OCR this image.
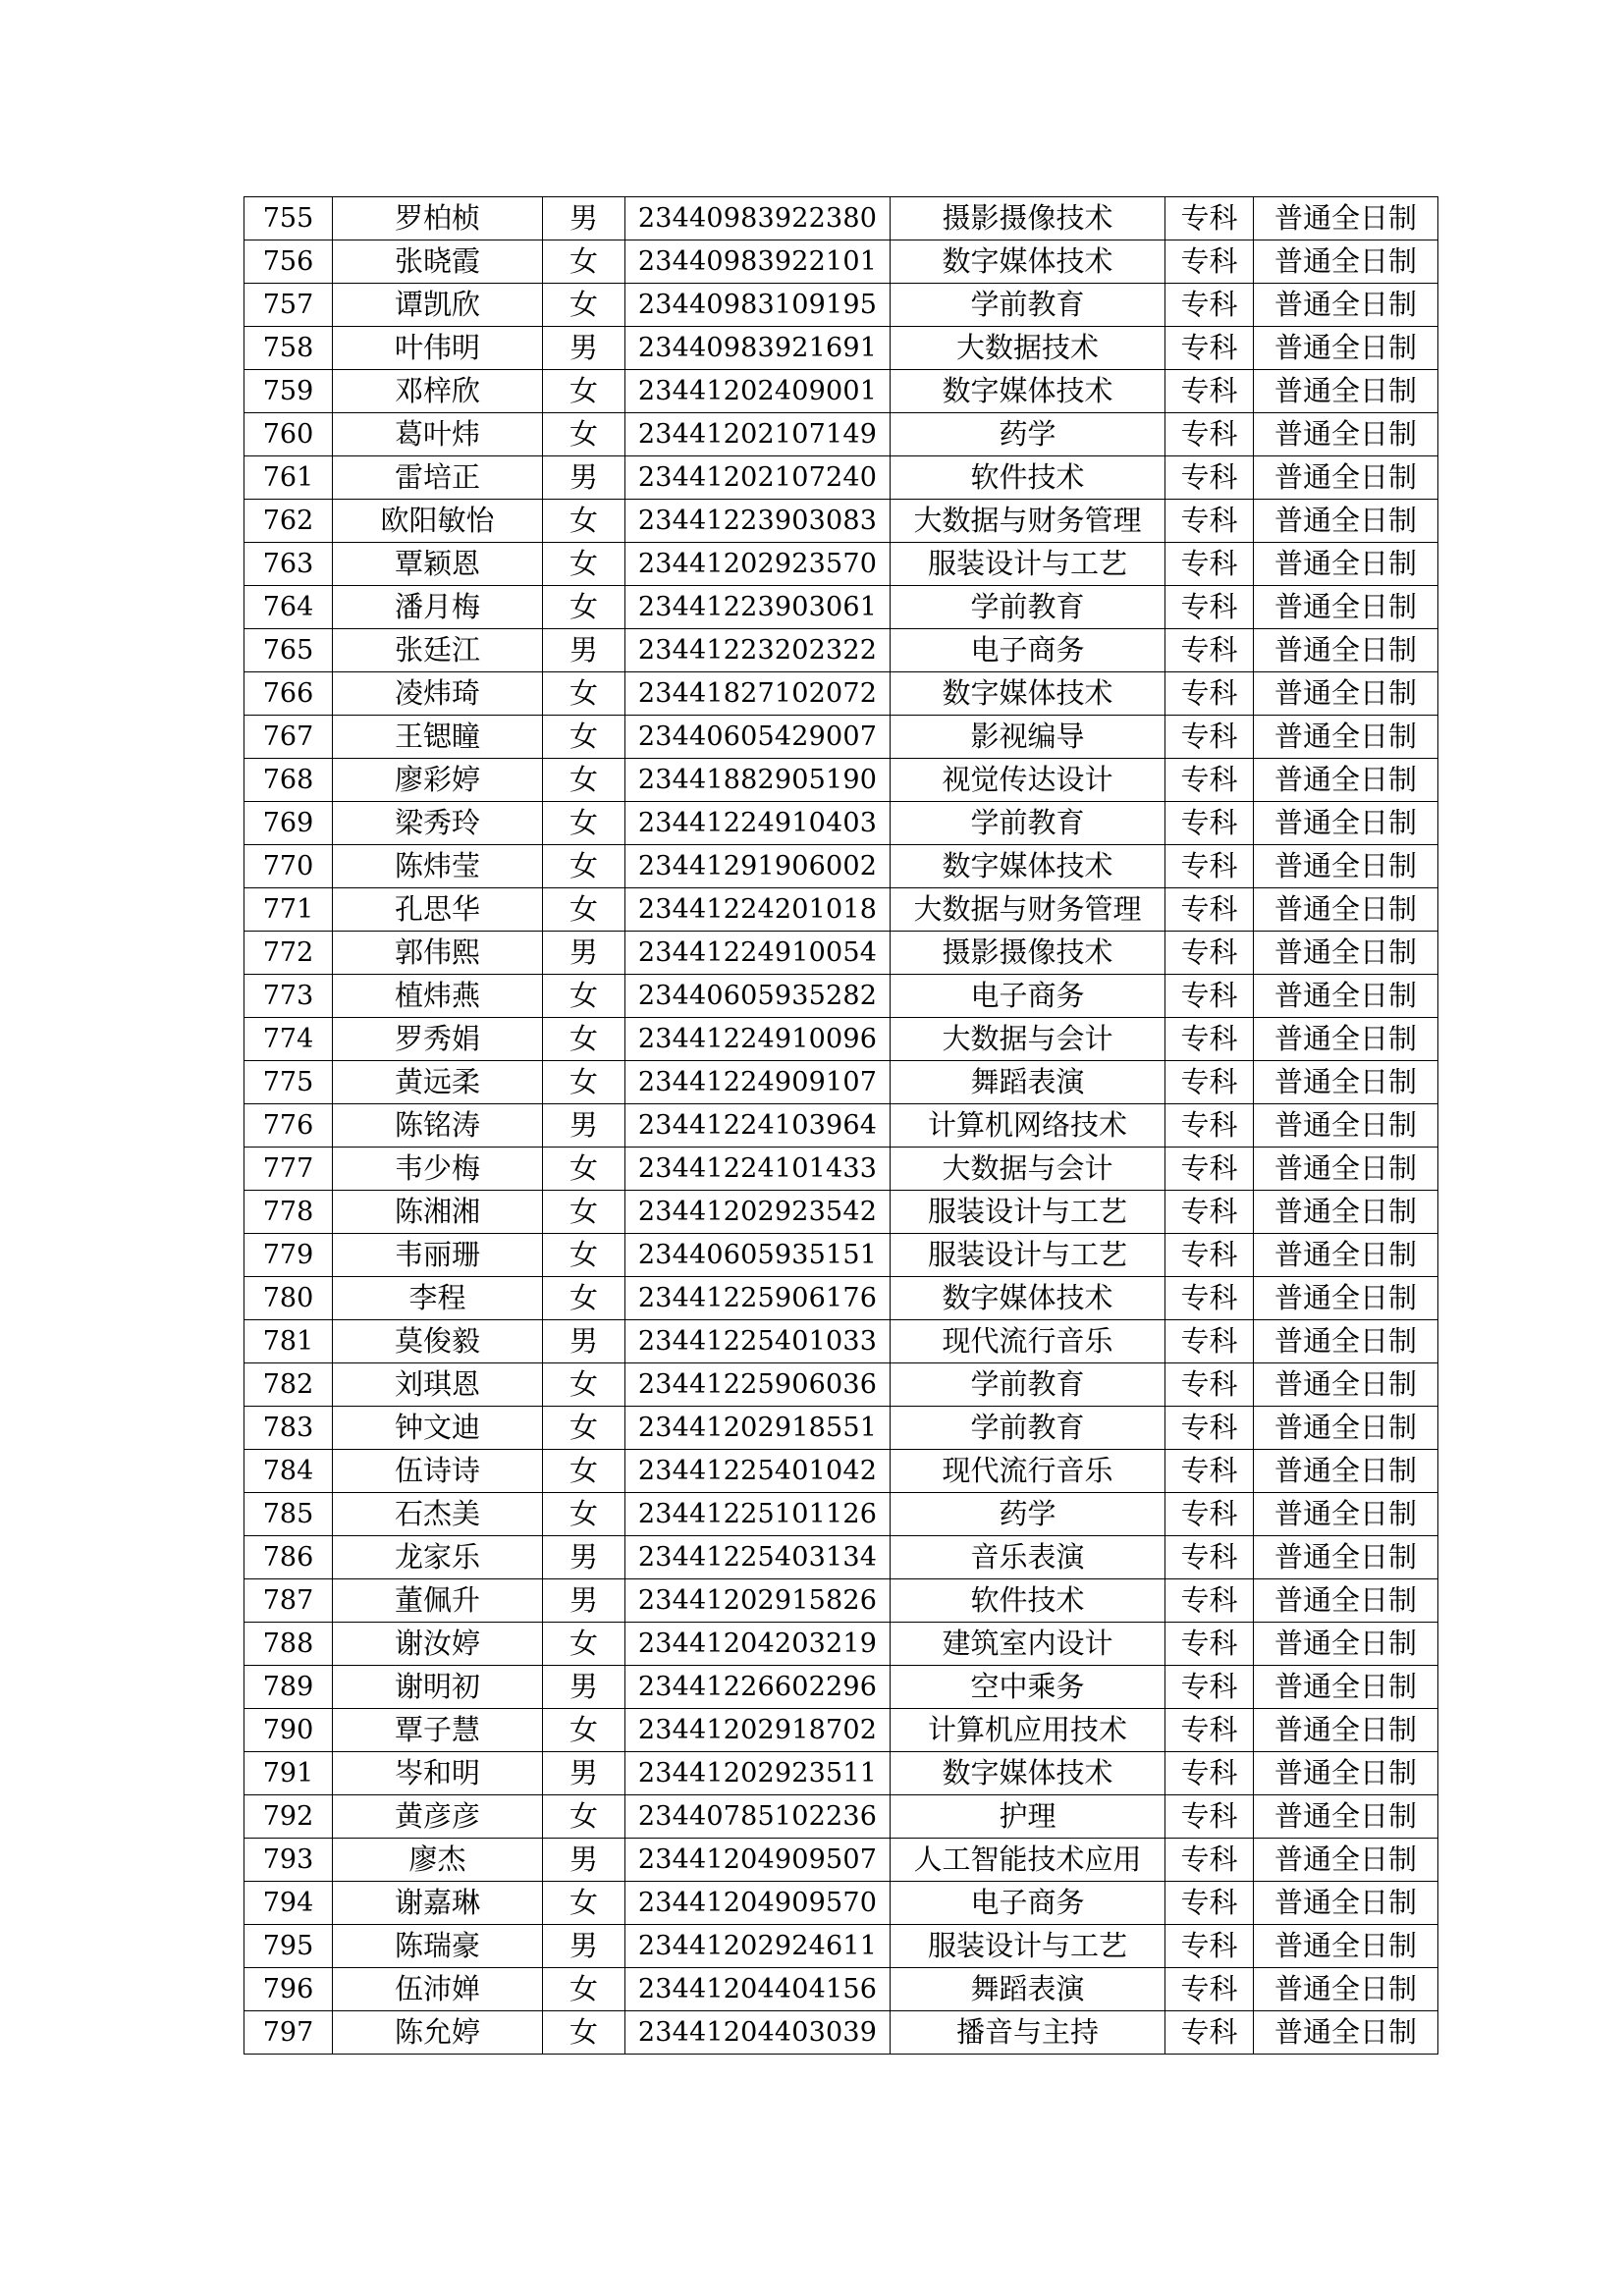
755	罗柏桢	男	23440983922380	摄影摄像技术	专科	普通全日制
756	张晓霞	女	23440983922101	数字媒体技术	专科	普通全日制
757	谭凯欣	女	23440983109195	学前教育	专科	普通全日制
758	叶伟明	男	23440983921691	大数据技术	专科	普通全日制
759	邓梓欣	女	23441202409001	数字媒体技术	专科	普通全日制
760	葛叶炜	女	23441202107149	药学	专科	普通全日制
761	雷培正	男	23441202107240	软件技术	专科	普通全日制
762	欧阳敏怡	女	23441223903083	大数据与财务管理	专科	普通全日制
763	覃颖恩	女	23441202923570	服装设计与工艺	专科	普通全日制
764	潘月梅	女	23441223903061	学前教育	专科	普通全日制
765	张廷江	男	23441223202322	电子商务	专科	普通全日制
766	凌炜琦	女	23441827102072	数字媒体技术	专科	普通全日制
767	王锶瞳	女	23440605429007	影视编导	专科	普通全日制
768	廖彩婷	女	23441882905190	视觉传达设计	专科	普通全日制
769	梁秀玲	女	23441224910403	学前教育	专科	普通全日制
770	陈炜莹	女	23441291906002	数字媒体技术	专科	普通全日制
771	孔思华	女	23441224201018	大数据与财务管理	专科	普通全日制
772	郭伟熙	男	23441224910054	摄影摄像技术	专科	普通全日制
773	植炜燕	女	23440605935282	电子商务	专科	普通全日制
774	罗秀娟	女	23441224910096	大数据与会计	专科	普通全日制
775	黄远柔	女	23441224909107	舞蹈表演	专科	普通全日制
776	陈铭涛	男	23441224103964	计算机网络技术	专科	普通全日制
777	韦少梅	女	23441224101433	大数据与会计	专科	普通全日制
778	陈湘湘	女	23441202923542	服装设计与工艺	专科	普通全日制
779	韦丽珊	女	23440605935151	服装设计与工艺	专科	普通全日制
780	李程	女	23441225906176	数字媒体技术	专科	普通全日制
781	莫俊毅	男	23441225401033	现代流行音乐	专科	普通全日制
782	刘琪恩	女	23441225906036	学前教育	专科	普通全日制
783	钟文迪	女	23441202918551	学前教育	专科	普通全日制
784	伍诗诗	女	23441225401042	现代流行音乐	专科	普通全日制
785	石杰美	女	23441225101126	药学	专科	普通全日制
786	龙家乐	男	23441225403134	音乐表演	专科	普通全日制
787	董佩升	男	23441202915826	软件技术	专科	普通全日制
788	谢汝婷	女	23441204203219	建筑室内设计	专科	普通全日制
789	谢明初	男	23441226602296	空中乘务	专科	普通全日制
790	覃子慧	女	23441202918702	计算机应用技术	专科	普通全日制
791	岑和明	男	23441202923511	数字媒体技术	专科	普通全日制
792	黄彦彦	女	23440785102236	护理	专科	普通全日制
793	廖杰	男	23441204909507	人工智能技术应用	专科	普通全日制
794	谢嘉琳	女	23441204909570	电子商务	专科	普通全日制
795	陈瑞豪	男	23441202924611	服装设计与工艺	专科	普通全日制
796	伍沛婵	女	23441204404156	舞蹈表演	专科	普通全日制
797	陈允婷	女	23441204403039	播音与主持	专科	普通全日制
